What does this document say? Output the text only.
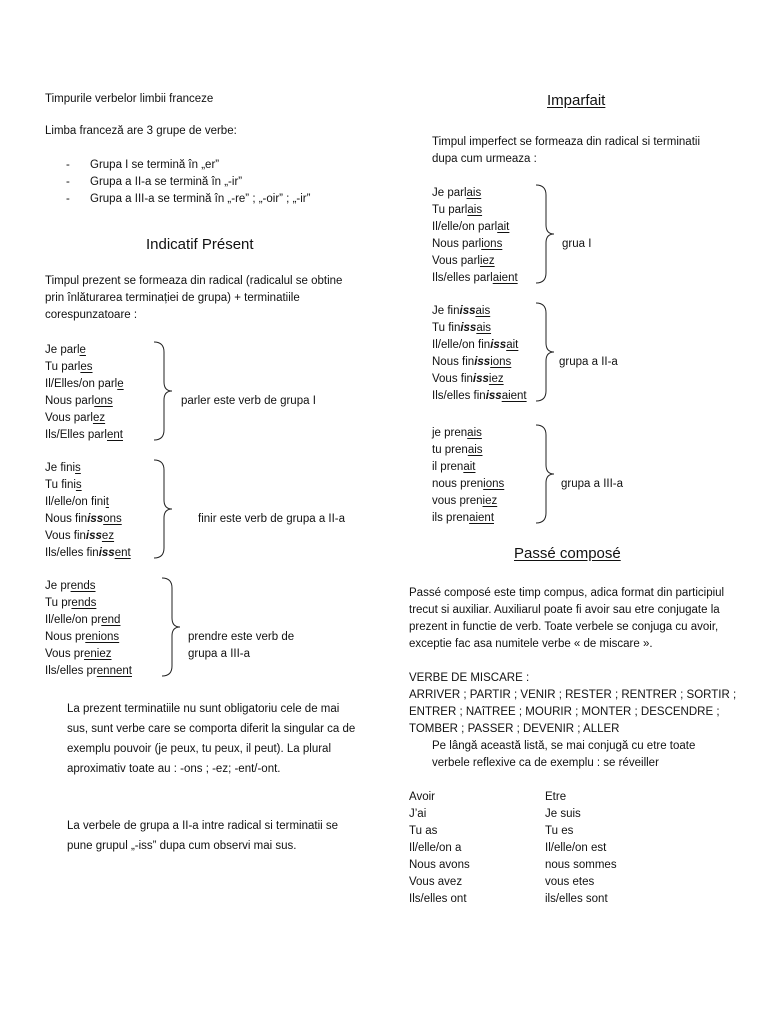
Timpurile verbelor limbii franceze
Limba franceză are 3 grupe de verbe:
- Grupa I se termină în „er”
- Grupa a II-a se termină în „-ir”
- Grupa a III-a se termină în „-re” ; „-oir” ; „-ir”
Indicatif Présent
Timpul prezent se formeaza din radical (radicalul se obtine prin înlăturarea terminației de grupa) + terminatiile corespunzatoare :
Je parle
Tu parles
Il/Elles/on parle
Nous parlons
Vous parlez
Ils/Elles parlent
parler este verb de grupa I
Je finis
Tu finis
Il/elle/on finit
Nous finissons
Vous finissez
Ils/elles finissent
finir este verb de grupa a II-a
Je prends
Tu prends
Il/elle/on prend
Nous prenions
Vous preniez
Ils/elles prennent
prendre este verb de
grupa a III-a
La prezent terminatiile nu sunt obligatoriu cele de mai sus, sunt verbe care se comporta diferit la singular ca de exemplu pouvoir (je peux, tu peux, il peut). La plural aproximativ toate au : -ons ; -ez; -ent/-ont.
La verbele de grupa a II-a intre radical si terminatii se pune grupul „-iss” dupa cum observi mai sus.
Imparfait
Timpul imperfect se formeaza din radical si terminatii dupa cum urmeaza :
Je parlais
Tu parlais
Il/elle/on parlait
Nous parlions
Vous parliez
Ils/elles parlaient
grua I
Je finissais
Tu finissais
Il/elle/on finissait
Nous finissions
Vous finissiez
Ils/elles finissaient
grupa a II-a
je prenais
tu prenais
il prenait
nous prenions
vous preniez
ils prenaient
grupa a III-a
Passé composé
Passé composé este timp compus, adica format din participiul trecut si auxiliar. Auxiliarul poate fi avoir sau etre conjugate la prezent in functie de verb. Toate verbele se conjuga cu avoir, exceptie fac asa numitele verbe « de miscare ».
VERBE DE MISCARE :
ARRIVER ; PARTIR ; VENIR ; RESTER ; RENTRER ; SORTIR ;
ENTRER ; NAîTREE ; MOURIR ; MONTER ; DESCENDRE ;
TOMBER ; PASSER ; DEVENIR ; ALLER
Pe lângă această listă, se mai conjugă cu etre toate verbele reflexive ca de exemplu : se réveiller
Avoir
J’ai
Tu as
Il/elle/on a
Nous avons
Vous avez
Ils/elles ont
Etre
Je suis
Tu es
Il/elle/on est
nous sommes
vous etes
ils/elles sont
